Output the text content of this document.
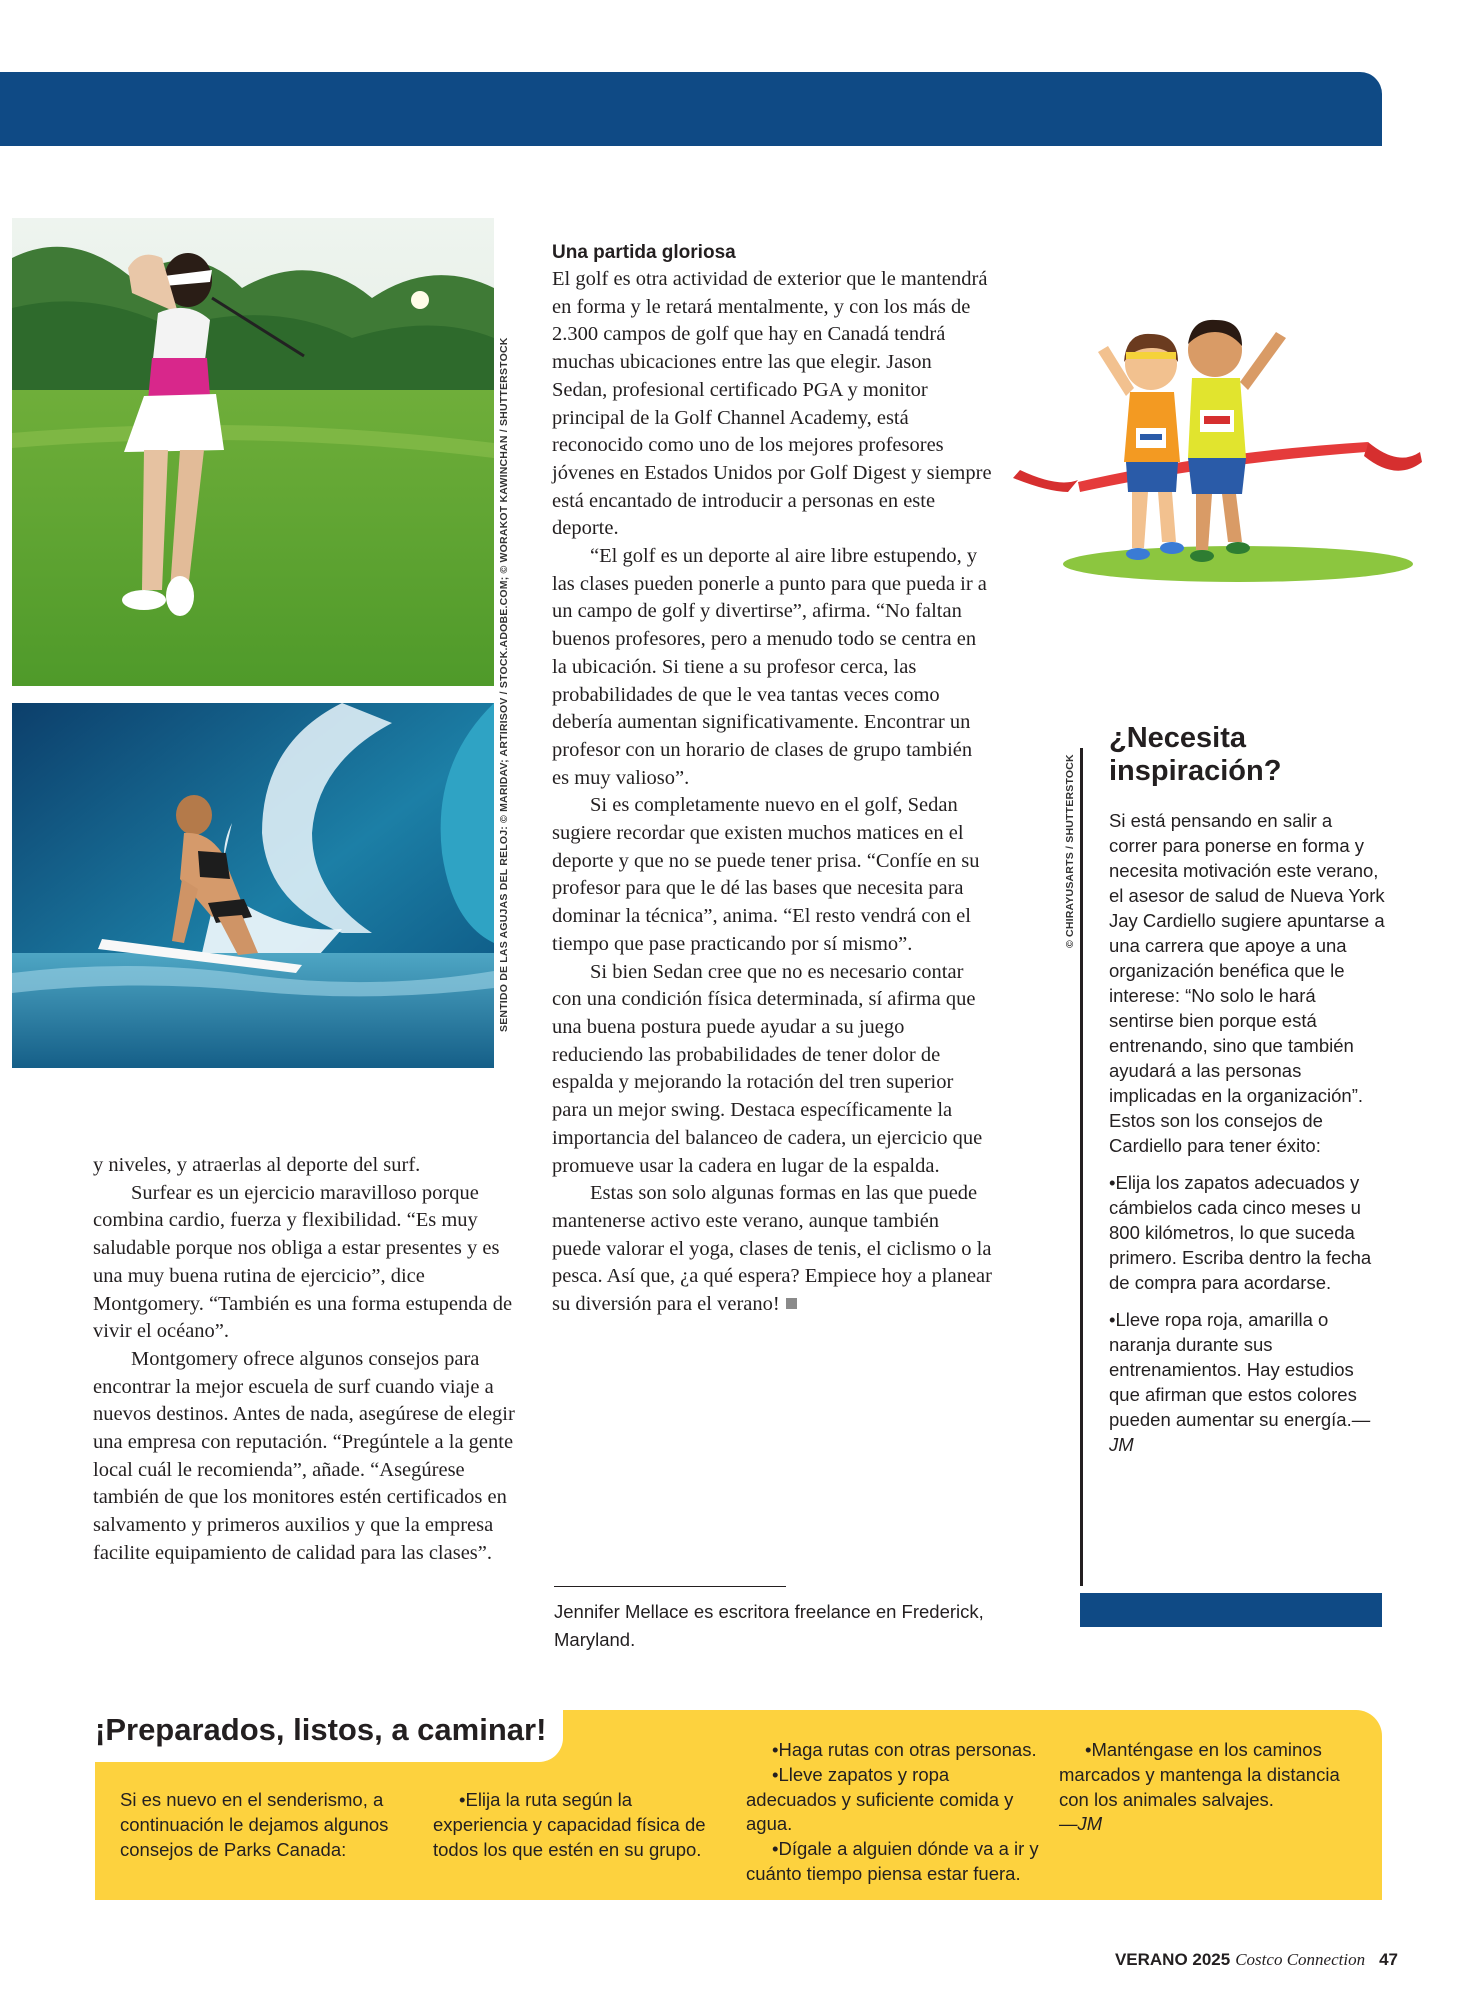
SENTIDO DE LAS AGUJAS DEL RELOJ: © MARIDAV; ARTIRISOV / STOCK.ADOBE.COM; © WORAKOT KAWINCHAN / SHUTTERSTOCK

y niveles, y atraerlas al deporte del surf.

Surfear es un ejercicio maravilloso porque combina cardio, fuerza y flexibilidad. “Es muy saludable porque nos obliga a estar presentes y es una muy buena rutina de ejercicio”, dice Montgomery. “También es una forma estupenda de vivir el océano”.

Montgomery ofrece algunos consejos para encontrar la mejor escuela de surf cuando viaje a nuevos destinos. Antes de nada, asegúrese de elegir una empresa con reputación. “Pregúntele a la gente local cuál le recomienda”, añade. “Asegúrese también de que los monitores estén certificados en salvamento y primeros auxilios y que la empresa facilite equipamiento de calidad para las clases”.

Una partida gloriosa

El golf es otra actividad de exterior que le mantendrá en forma y le retará mentalmente, y con los más de 2.300 campos de golf que hay en Canadá tendrá muchas ubicaciones entre las que elegir. Jason Sedan, profesional certificado PGA y monitor principal de la Golf Channel Academy, está reconocido como uno de los mejores profesores jóvenes en Estados Unidos por Golf Digest y siempre está encantado de introducir a personas en este deporte.

“El golf es un deporte al aire libre estupendo, y las clases pueden ponerle a punto para que pueda ir a un campo de golf y divertirse”, afirma. “No faltan buenos profesores, pero a menudo todo se centra en la ubicación. Si tiene a su profesor cerca, las probabilidades de que le vea tantas veces como debería aumentan significativamente. Encontrar un profesor con un horario de clases de grupo también es muy valioso”.

Si es completamente nuevo en el golf, Sedan sugiere recordar que existen muchos matices en el deporte y que no se puede tener prisa. “Confíe en su profesor para que le dé las bases que necesita para dominar la técnica”, anima. “El resto vendrá con el tiempo que pase practicando por sí mismo”.

Si bien Sedan cree que no es necesario contar con una condición física determinada, sí afirma que una buena postura puede ayudar a su juego reduciendo las probabilidades de tener dolor de espalda y mejorando la rotación del tren superior para un mejor swing. Destaca específicamente la importancia del balanceo de cadera, un ejercicio que promueve usar la cadera en lugar de la espalda.

Estas son solo algunas formas en las que puede mantenerse activo este verano, aunque también puede valorar el yoga, clases de tenis, el ciclismo o la pesca. Así que, ¿a qué espera? Empiece hoy a planear su diversión para el verano!

Jennifer Mellace es escritora freelance en Frederick, Maryland.
© CHIRAYUSARTS / SHUTTERSTOCK
¿Necesita inspiración?

Si está pensando en salir a correr para ponerse en forma y necesita motivación este verano, el asesor de salud de Nueva York Jay Cardiello sugiere apuntarse a una carrera que apoye a una organización benéfica que le interese: “No solo le hará sentirse bien porque está entrenando, sino que también ayudará a las personas implicadas en la organización”. Estos son los consejos de Cardiello para tener éxito:

•Elija los zapatos adecuados y cámbielos cada cinco meses u 800 kilómetros, lo que suceda primero. Escriba dentro la fecha de compra para acordarse.

•Lleve ropa roja, amarilla o naranja durante sus entrenamientos. Hay estudios que afirman que estos colores pueden aumentar su energía.—JM

¡Preparados, listos, a caminar!

Si es nuevo en el senderismo, a continuación le dejamos algunos consejos de Parks Canada:

•Elija la ruta según la experiencia y capacidad física de todos los que estén en su grupo.

•Haga rutas con otras personas.

•Lleve zapatos y ropa adecuados y suficiente comida y agua.

•Dígale a alguien dónde va a ir y cuánto tiempo piensa estar fuera.

•Manténgase en los caminos marcados y mantenga la distancia con los animales salvajes.

—JM

VERANO 2025 Costco Connection 47
